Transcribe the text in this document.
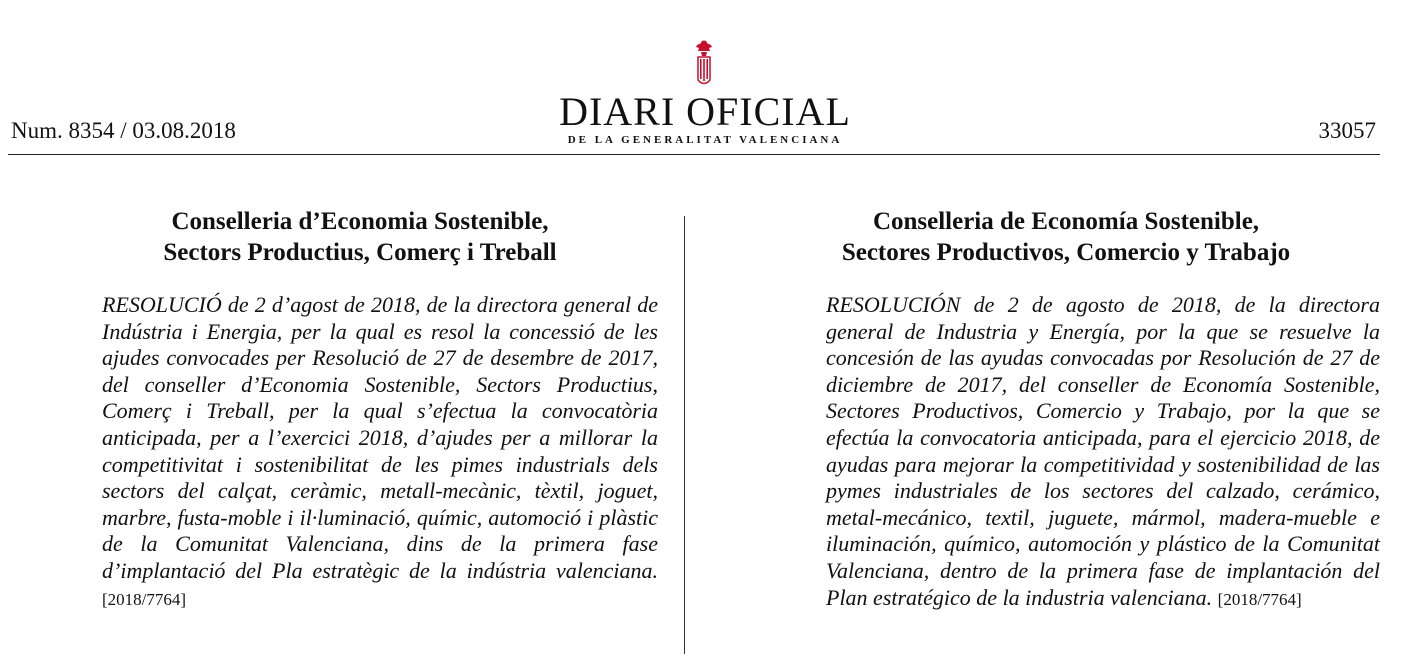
Num. 8354 / 03.08.2018	DIARI OFICIAL
DE LA GENERALITAT VALENCIANA	33057
Conselleria d’Economia Sostenible,
Sectors Productius, Comerç i Treball
RESOLUCIÓ de 2 d’agost de 2018, de la directora general de Indústria i Energia, per la qual es resol la concessió de les ajudes convocades per Resolució de 27 de desembre de 2017, del conseller d’Economia Sostenible, Sectors Productius, Comerç i Treball, per la qual s’efectua la convocatòria anticipada, per a l’exercici 2018, d’ajudes per a millorar la competitivitat i sostenibilitat de les pimes industrials dels sectors del calçat, ceràmic, metall-mecànic, tèxtil, joguet, marbre, fusta-moble i il·luminació, químic, automoció i plàstic de la Comunitat Valenciana, dins de la primera fase d’implantació del Pla estratègic de la indústria valenciana. [2018/7764]
Conselleria de Economía Sostenible,
Sectores Productivos, Comercio y Trabajo
RESOLUCIÓN de 2 de agosto de 2018, de la directora general de Industria y Energía, por la que se resuelve la concesión de las ayudas convocadas por Resolución de 27 de diciembre de 2017, del conseller de Economía Sostenible, Sectores Productivos, Comercio y Trabajo, por la que se efectúa la convocatoria anticipada, para el ejercicio 2018, de ayudas para mejorar la competitividad y sostenibilidad de las pymes industriales de los sectores del calzado, cerámico, metal-mecánico, textil, juguete, mármol, madera-mueble e iluminación, químico, automoción y plástico de la Comunitat Valenciana, dentro de la primera fase de implantación del Plan estratégico de la industria valenciana. [2018/7764]
